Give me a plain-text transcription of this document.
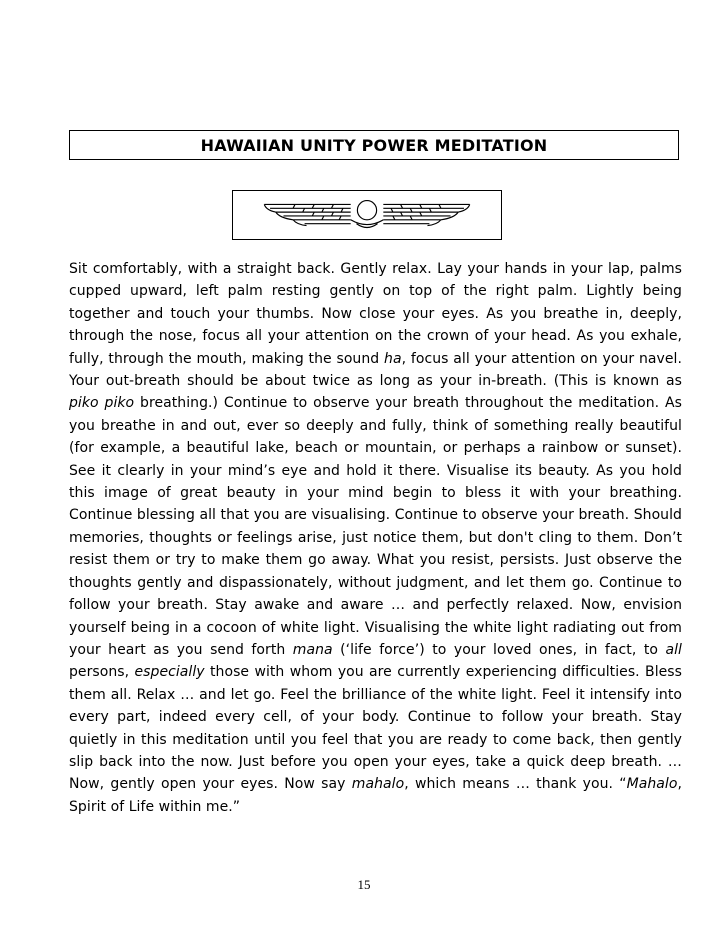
HAWAIIAN UNITY POWER MEDITATION

Sit comfortably, with a straight back. Gently relax. Lay your hands in your lap, palms cupped upward, left palm resting gently on top of the right palm. Lightly being together and touch your thumbs. Now close your eyes. As you breathe in, deeply, through the nose, focus all your attention on the crown of your head. As you exhale, fully, through the mouth, making the sound ha, focus all your attention on your navel. Your out-breath should be about twice as long as your in-breath. (This is known as piko piko breathing.) Continue to observe your breath throughout the meditation. As you breathe in and out, ever so deeply and fully, think of something really beautiful (for example, a beautiful lake, beach or mountain, or perhaps a rainbow or sunset). See it clearly in your mind’s eye and hold it there. Visualise its beauty. As you hold this image of great beauty in your mind begin to bless it with your breathing. Continue blessing all that you are visualising. Continue to observe your breath. Should memories, thoughts or feelings arise, just notice them, but don't cling to them. Don’t resist them or try to make them go away. What you resist, persists. Just observe the thoughts gently and dispassionately, without judgment, and let them go. Continue to follow your breath. Stay awake and aware … and perfectly relaxed. Now, envision yourself being in a cocoon of white light. Visualising the white light radiating out from your heart as you send forth mana (‘life force’) to your loved ones, in fact, to all persons, especially those with whom you are currently experiencing difficulties. Bless them all. Relax … and let go. Feel the brilliance of the white light. Feel it intensify into every part, indeed every cell, of your body. Continue to follow your breath. Stay quietly in this meditation until you feel that you are ready to come back, then gently slip back into the now. Just before you open your eyes, take a quick deep breath. … Now, gently open your eyes. Now say mahalo, which means … thank you. “Mahalo, Spirit of Life within me.”

15
